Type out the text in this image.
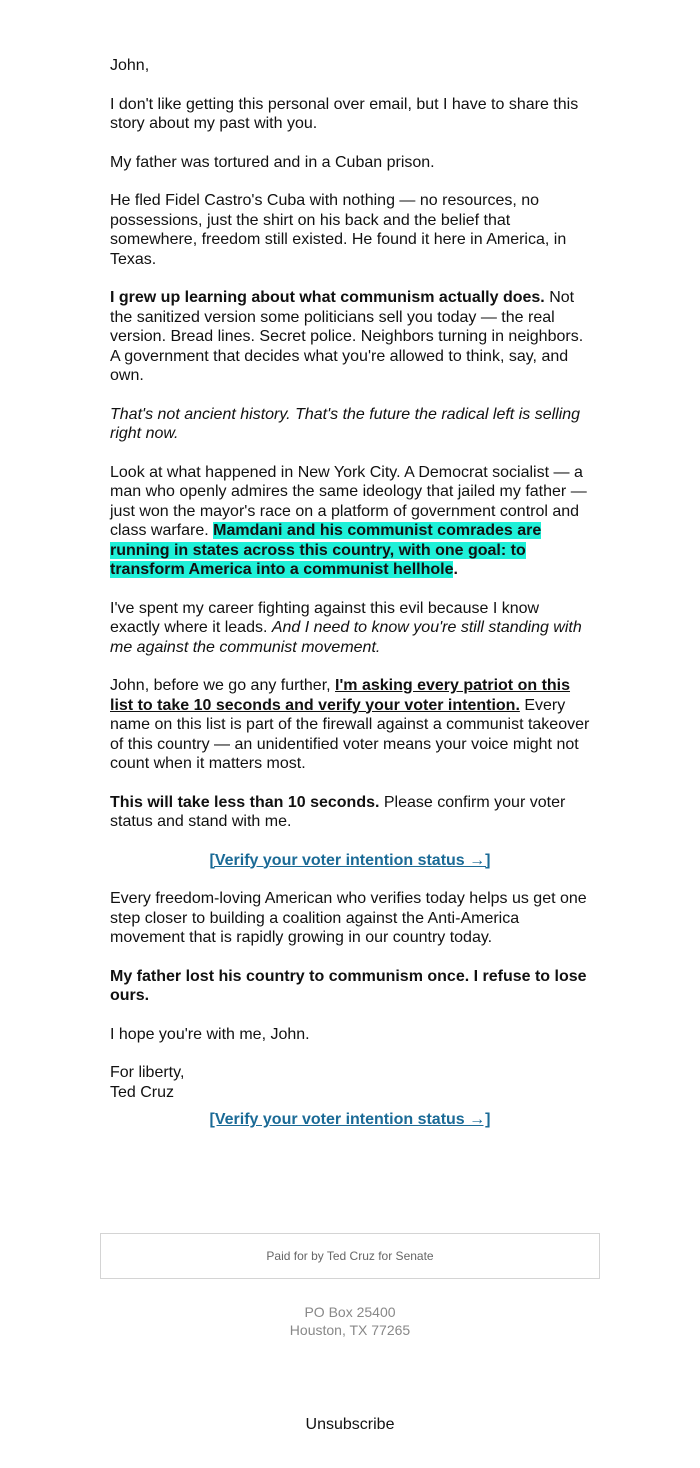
John,

I don't like getting this personal over email, but I have to share this story about my past with you.

My father was tortured and in a Cuban prison.

He fled Fidel Castro's Cuba with nothing — no resources, no possessions, just the shirt on his back and the belief that somewhere, freedom still existed. He found it here in America, in Texas.

I grew up learning about what communism actually does. Not the sanitized version some politicians sell you today — the real version. Bread lines. Secret police. Neighbors turning in neighbors. A government that decides what you're allowed to think, say, and own.

That's not ancient history. That's the future the radical left is selling right now.

Look at what happened in New York City. A Democrat socialist — a man who openly admires the same ideology that jailed my father — just won the mayor's race on a platform of government control and class warfare. Mamdani and his communist comrades are running in states across this country, with one goal: to transform America into a communist hellhole.

I've spent my career fighting against this evil because I know exactly where it leads. And I need to know you're still standing with me against the communist movement.

John, before we go any further, I'm asking every patriot on this list to take 10 seconds and verify your voter intention. Every name on this list is part of the firewall against a communist takeover of this country — an unidentified voter means your voice might not count when it matters most.

This will take less than 10 seconds. Please confirm your voter status and stand with me.

[Verify your voter intention status →]

Every freedom-loving American who verifies today helps us get one step closer to building a coalition against the Anti-America movement that is rapidly growing in our country today.

My father lost his country to communism once. I refuse to lose ours.

I hope you're with me, John.

For liberty,
Ted Cruz

[Verify your voter intention status →]
Paid for by Ted Cruz for Senate
PO Box 25400
Houston, TX 77265
Unsubscribe
